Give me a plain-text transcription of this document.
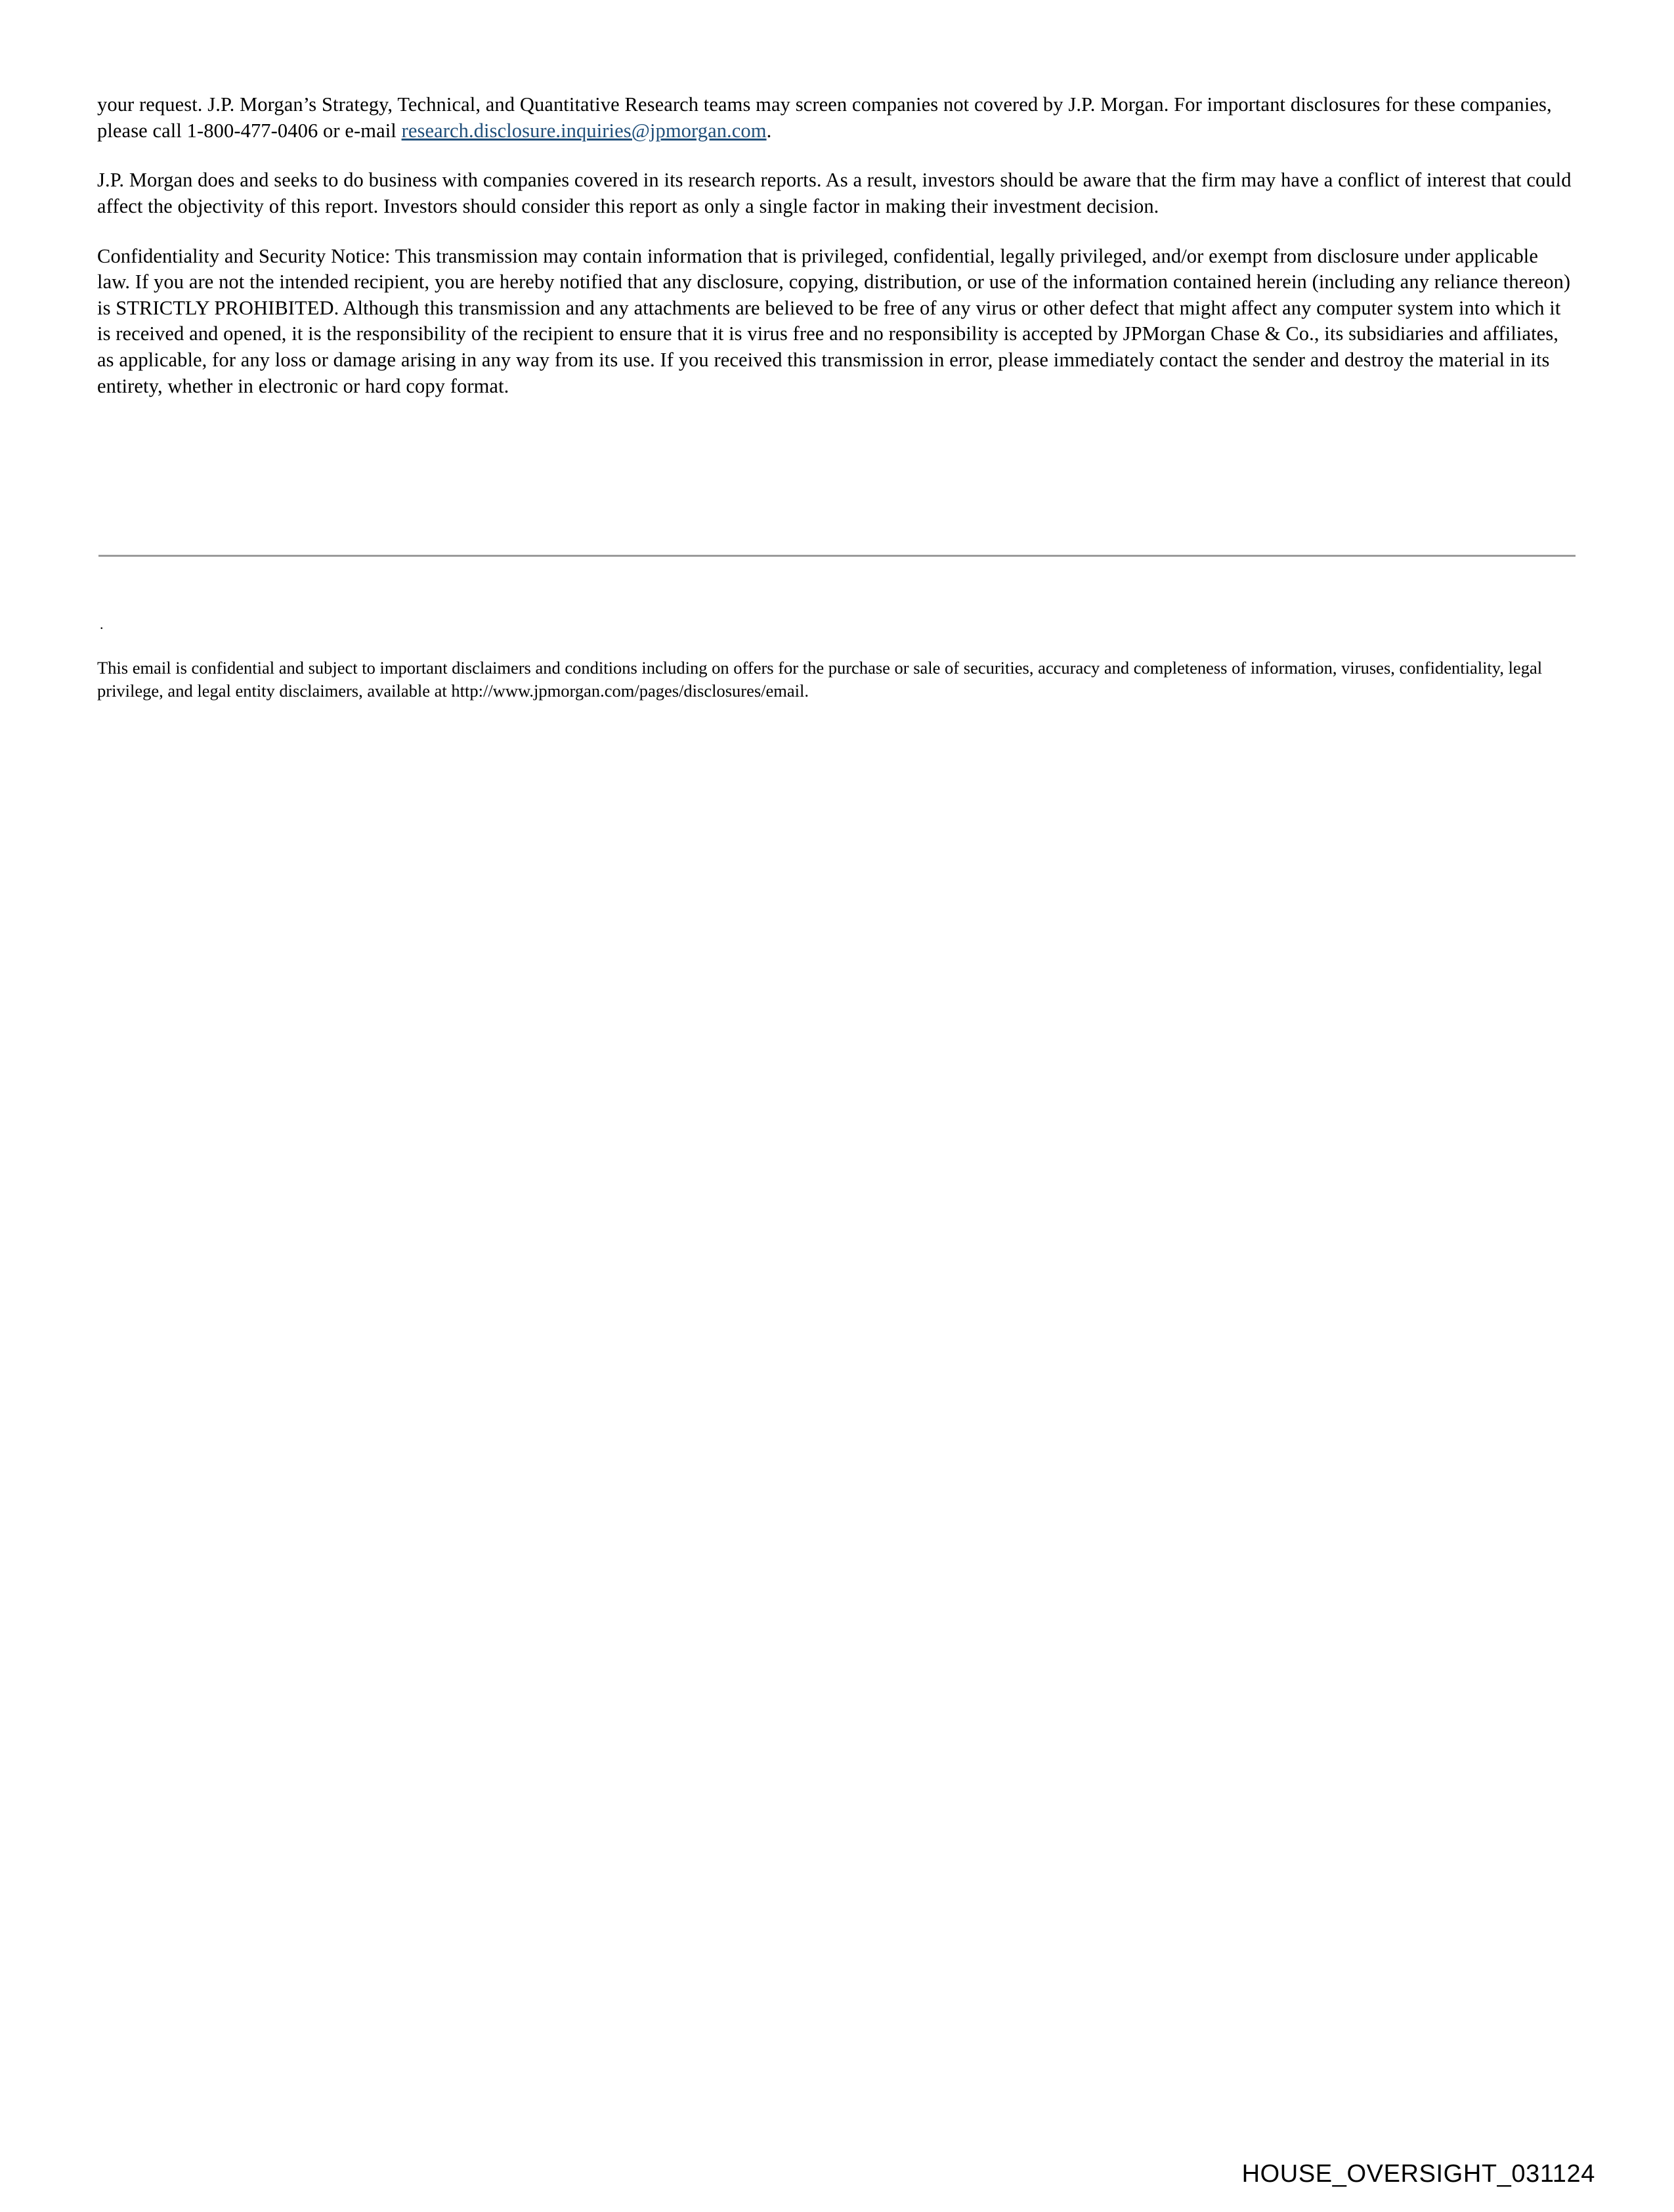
your request. J.P. Morgan’s Strategy, Technical, and Quantitative Research teams may screen companies not covered by J.P. Morgan. For important disclosures for these companies, please call 1-800-477-0406 or e-mail research.disclosure.inquiries@jpmorgan.com.

J.P. Morgan does and seeks to do business with companies covered in its research reports. As a result, investors should be aware that the firm may have a conflict of interest that could affect the objectivity of this report. Investors should consider this report as only a single factor in making their investment decision.

Confidentiality and Security Notice: This transmission may contain information that is privileged, confidential, legally privileged, and/or exempt from disclosure under applicable law. If you are not the intended recipient, you are hereby notified that any disclosure, copying, distribution, or use of the information contained herein (including any reliance thereon) is STRICTLY PROHIBITED. Although this transmission and any attachments are believed to be free of any virus or other defect that might affect any computer system into which it is received and opened, it is the responsibility of the recipient to ensure that it is virus free and no responsibility is accepted by JPMorgan Chase & Co., its subsidiaries and affiliates, as applicable, for any loss or damage arising in any way from its use. If you received this transmission in error, please immediately contact the sender and destroy the material in its entirety, whether in electronic or hard copy format.

.
This email is confidential and subject to important disclaimers and conditions including on offers for the purchase or sale of securities, accuracy and completeness of information, viruses, confidentiality, legal privilege, and legal entity disclaimers, available at http://www.jpmorgan.com/pages/disclosures/email.
HOUSE_OVERSIGHT_031124
